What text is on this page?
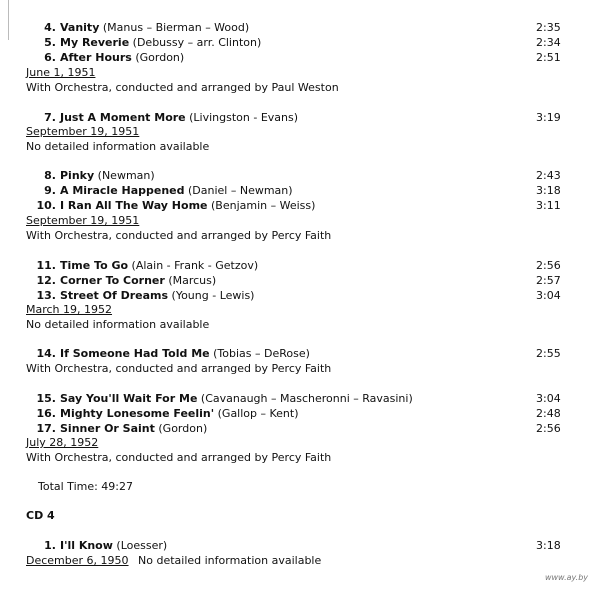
4. Vanity (Manus – Bierman – Wood)	2:35
5. My Reverie (Debussy – arr. Clinton)	2:34
6. After Hours (Gordon)	2:51
June 1, 1951
With Orchestra, conducted and arranged by Paul Weston
7. Just A Moment More (Livingston - Evans)	3:19
September 19, 1951
No detailed information available
8. Pinky (Newman)	2:43
9. A Miracle Happened (Daniel – Newman)	3:18
10. I Ran All The Way Home (Benjamin – Weiss)	3:11
September 19, 1951
With Orchestra, conducted and arranged by Percy Faith
11. Time To Go (Alain - Frank - Getzov)	2:56
12. Corner To Corner (Marcus)	2:57
13. Street Of Dreams (Young - Lewis)	3:04
March 19, 1952
No detailed information available
14. If Someone Had Told Me (Tobias – DeRose)	2:55
With Orchestra, conducted and arranged by Percy Faith
15. Say You'll Wait For Me (Cavanaugh – Mascheronni – Ravasini)	3:04
16. Mighty Lonesome Feelin' (Gallop – Kent)	2:48
17. Sinner Or Saint (Gordon)	2:56
July 28, 1952
With Orchestra, conducted and arranged by Percy Faith
Total Time: 49:27
CD 4
1. I'll Know (Loesser)	3:18
December 6, 1950 No detailed information available
www.ay.by
